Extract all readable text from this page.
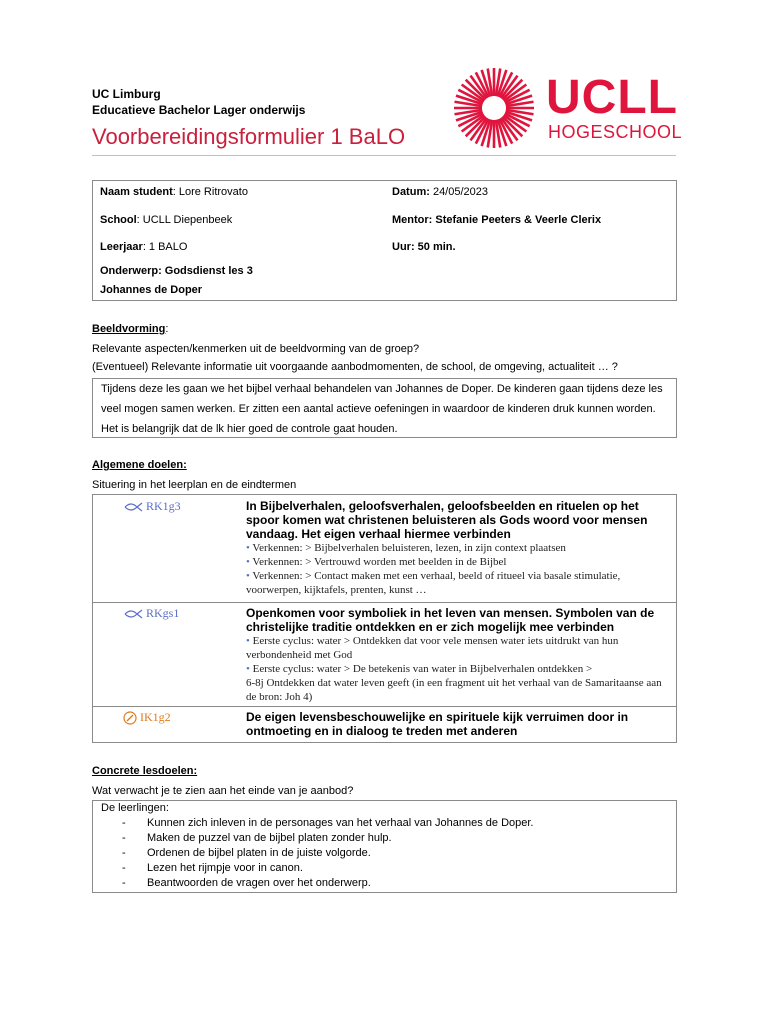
UC Limburg
Educatieve Bachelor Lager onderwijs
Voorbereidingsformulier 1 BaLO
UCLL
HOGESCHOOL
Naam student: Lore Ritrovato	Datum: 24/05/2023
School: UCLL Diepenbeek	Mentor: Stefanie Peeters & Veerle Clerix
Leerjaar: 1 BALO	Uur: 50 min.
Onderwerp: Godsdienst les 3
Johannes de Doper
Beeldvorming:
Relevante aspecten/kenmerken uit de beeldvorming van de groep?
(Eventueel) Relevante informatie uit voorgaande aanbodmomenten, de school, de omgeving, actualiteit … ?
Tijdens deze les gaan we het bijbel verhaal behandelen van Johannes de Doper. De kinderen gaan tijdens deze les veel mogen samen werken. Er zitten een aantal actieve oefeningen in waardoor de kinderen druk kunnen worden. Het is belangrijk dat de lk hier goed de controle gaat houden.
Algemene doelen:
Situering in het leerplan en de eindtermen
RK1g3	In Bijbelverhalen, geloofsverhalen, geloofsbeelden en rituelen op het spoor komen wat christenen beluisteren als Gods woord voor mensen vandaag. Het eigen verhaal hiermee verbinden
• Verkennen: > Bijbelverhalen beluisteren, lezen, in zijn context plaatsen
• Verkennen: > Vertrouwd worden met beelden in de Bijbel
• Verkennen: > Contact maken met een verhaal, beeld of ritueel via basale stimulatie, voorwerpen, kijktafels, prenten, kunst …
RKgs1	Openkomen voor symboliek in het leven van mensen. Symbolen van de christelijke traditie ontdekken en er zich mogelijk mee verbinden
• Eerste cyclus: water > Ontdekken dat voor vele mensen water iets uitdrukt van hun verbondenheid met God
• Eerste cyclus: water > De betekenis van water in Bijbelverhalen ontdekken >
6-8j Ontdekken dat water leven geeft (in een fragment uit het verhaal van de Samaritaanse aan de bron: Joh 4)
IK1g2	De eigen levensbeschouwelijke en spirituele kijk verruimen door in ontmoeting en in dialoog te treden met anderen
Concrete lesdoelen:
Wat verwacht je te zien aan het einde van je aanbod?
De leerlingen:
- Kunnen zich inleven in de personages van het verhaal van Johannes de Doper.
- Maken de puzzel van de bijbel platen zonder hulp.
- Ordenen de bijbel platen in de juiste volgorde.
- Lezen het rijmpje voor in canon.
- Beantwoorden de vragen over het onderwerp.
